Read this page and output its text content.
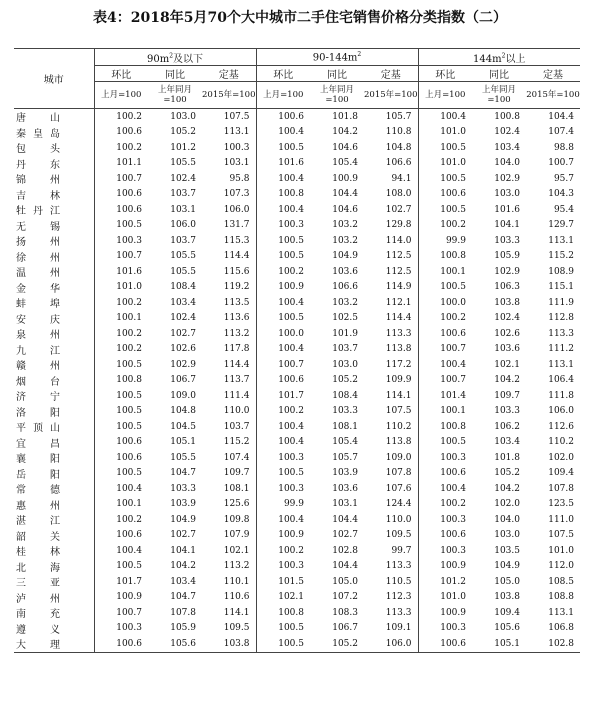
表4：2018年5月70个大中城市二手住宅销售价格分类指数（二）
城市	$90m^2$及以下			$90-144m^2$			$144m^2$以上		
	环比	同比	定基	环比	同比	定基	环比	同比	定基
	上月=100	上年同月=100	2015年=100	上月=100	上年同月=100	2015年=100	上月=100	上年同月=100	2015年=100

唐 山	100.2	103.0	107.5	100.6	101.8	105.7	100.4	100.8	104.4

秦 皇 岛	100.6	105.2	113.1	100.4	104.2	110.8	101.0	102.4	107.4

包 头	100.2	101.2	100.3	100.5	104.6	104.8	100.5	103.4	98.8

丹 东	101.1	105.5	103.1	101.6	105.4	106.6	101.0	104.0	100.7

锦 州	100.7	102.4	95.8	100.4	100.9	94.1	100.5	102.9	95.7

吉 林	100.6	103.7	107.3	100.8	104.4	108.0	100.6	103.0	104.3

牡 丹 江	100.6	103.1	106.0	100.4	104.6	102.7	100.5	101.6	95.4

无 锡	100.5	106.0	131.7	100.3	103.2	129.8	100.2	104.1	129.7

扬 州	100.3	103.7	115.3	100.5	103.2	114.0	99.9	103.3	113.1

徐 州	100.7	105.5	114.4	100.5	104.9	112.5	100.8	105.9	115.2

温 州	101.6	105.5	115.6	100.2	103.6	112.5	100.1	102.9	108.9

金 华	101.0	108.4	119.2	100.9	106.6	114.9	100.5	106.3	115.1

蚌 埠	100.2	103.4	113.5	100.4	103.2	112.1	100.0	103.8	111.9

安 庆	100.1	102.4	113.6	100.5	102.5	114.4	100.2	102.4	112.8

泉 州	100.2	102.7	113.2	100.0	101.9	113.3	100.6	102.6	113.3

九 江	100.2	102.6	117.8	100.4	103.7	113.8	100.7	103.6	111.2

赣 州	100.5	102.9	114.4	100.7	103.0	117.2	100.4	102.1	113.1

烟 台	100.8	106.7	113.7	100.6	105.2	109.9	100.7	104.2	106.4

济 宁	100.5	109.0	111.4	101.7	108.4	114.1	101.4	109.7	111.8

洛 阳	100.5	104.8	110.0	100.2	103.3	107.5	100.1	103.3	106.0

平 顶 山	100.5	104.5	103.7	100.4	108.1	110.2	100.8	106.2	112.6

宜 昌	100.6	105.1	115.2	100.4	105.4	113.8	100.5	103.4	110.2

襄 阳	100.6	105.5	107.4	100.3	105.7	109.0	100.3	101.8	102.0

岳 阳	100.5	104.7	109.7	100.5	103.9	107.8	100.6	105.2	109.4

常 德	100.4	103.3	108.1	100.3	103.6	107.6	100.4	104.2	107.8

惠 州	100.1	103.9	125.6	99.9	103.1	124.4	100.2	102.0	123.5

湛 江	100.2	104.9	109.8	100.4	104.4	110.0	100.3	104.0	111.0

韶 关	100.6	102.7	107.9	100.9	102.7	109.5	100.6	103.0	107.5

桂 林	100.4	104.1	102.1	100.2	102.8	99.7	100.3	103.5	101.0

北 海	100.5	104.2	113.2	100.3	104.4	113.3	100.9	104.9	112.0

三 亚	101.7	103.4	110.1	101.5	105.0	110.5	101.2	105.0	108.5

泸 州	100.9	104.7	110.6	102.1	107.2	112.3	101.0	103.8	108.8

南 充	100.7	107.8	114.1	100.8	108.3	113.3	100.9	109.4	113.1

遵 义	100.3	105.9	109.5	100.5	106.7	109.1	100.3	105.6	106.8

大 理	100.6	105.6	103.8	100.5	105.2	106.0	100.6	105.1	102.8
